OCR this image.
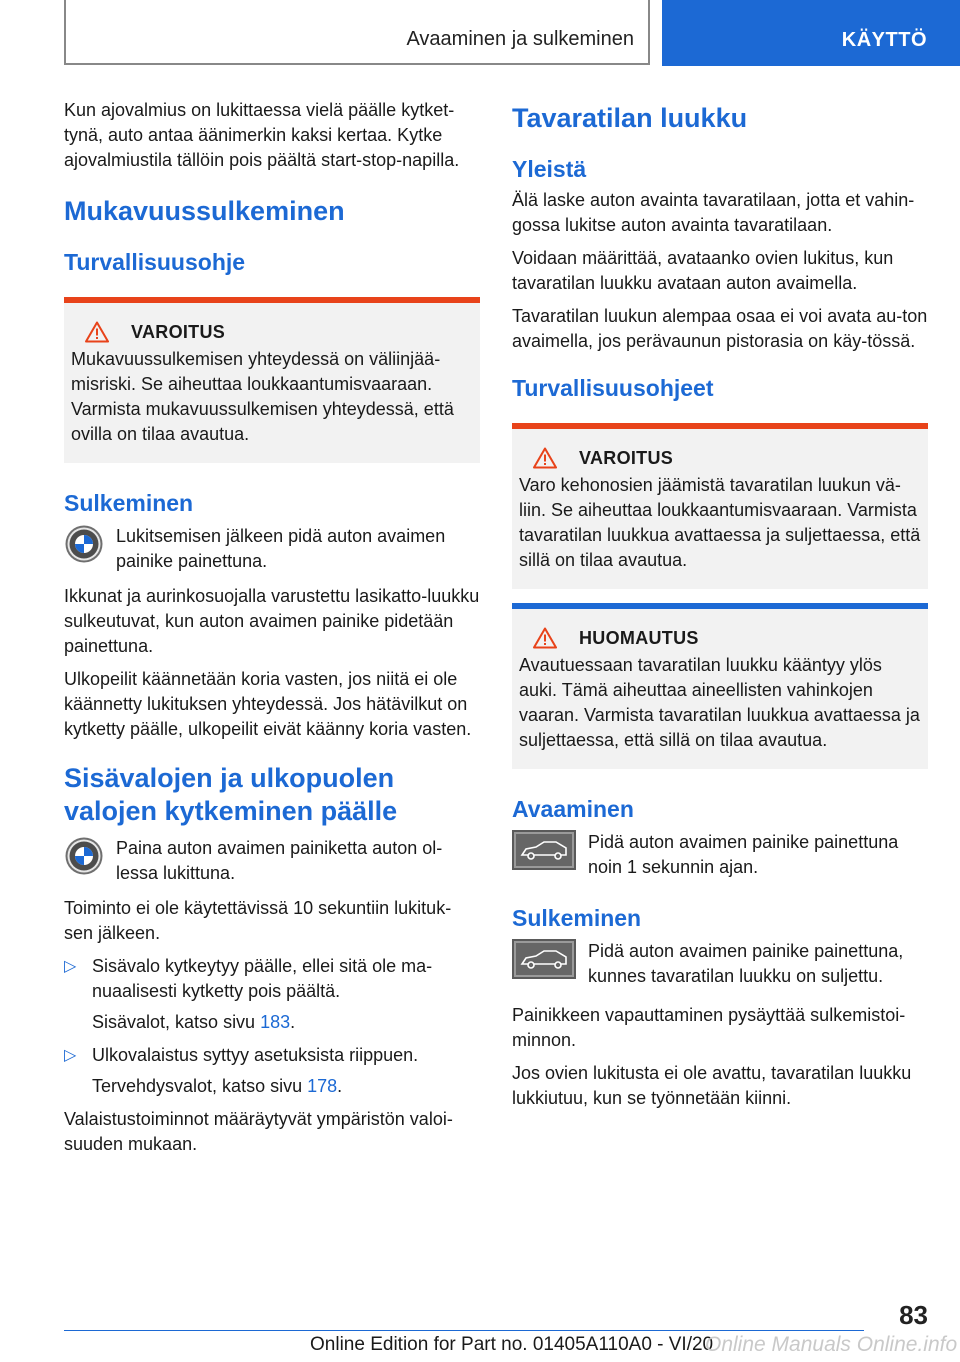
Avaaminen ja sulkeminen	KÄYTTÖ

Kun ajovalmius on lukittaessa vielä päälle kytket-tynä, auto antaa äänimerkin kaksi kertaa. Kytke ajovalmiustila tällöin pois päältä start-stop-napilla.

Mukavuussulkeminen
Turvallisuusohje
VAROITUS

Mukavuussulkemisen yhteydessä on väliinjää-misriski. Se aiheuttaa loukkaantumisvaaraan. Varmista mukavuussulkemisen yhteydessä, että ovilla on tilaa avautua.

Sulkeminen

Lukitsemisen jälkeen pidä auton avaimen painike painettuna.

Ikkunat ja aurinkosuojalla varustettu lasikatto-luukku sulkeutuvat, kun auton avaimen painike pidetään painettuna.

Ulkopeilit käännetään koria vasten, jos niitä ei ole käännetty lukituksen yhteydessä. Jos hätävilkut on kytketty päälle, ulkopeilit eivät käänny koria vasten.

Sisävalojen ja ulkopuolen valojen kytkeminen päälle

Paina auton avaimen painiketta auton ol-lessa lukittuna.

Toiminto ei ole käytettävissä 10 sekuntiin lukituk-sen jälkeen.

▷ Sisävalo kytkeytyy päälle, ellei sitä ole ma-nuaalisesti kytketty pois päältä.

Sisävalot, katso sivu 183.

▷ Ulkovalaistus syttyy asetuksista riippuen.

Tervehdysvalot, katso sivu 178.

Valaistustoiminnot määräytyvät ympäristön valoi-suuden mukaan.

Tavaratilan luukku
Yleistä

Älä laske auton avainta tavaratilaan, jotta et vahin-gossa lukitse auton avainta tavaratilaan.

Voidaan määrittää, avataanko ovien lukitus, kun tavaratilan luukku avataan auton avaimella.

Tavaratilan luukun alempaa osaa ei voi avata au-ton avaimella, jos perävaunun pistorasia on käy-tössä.

Turvallisuusohjeet
VAROITUS

Varo kehonosien jäämistä tavaratilan luukun vä-liin. Se aiheuttaa loukkaantumisvaaraan. Varmista tavaratilan luukkua avattaessa ja suljettaessa, että sillä on tilaa avautua.

HUOMAUTUS

Avautuessaan tavaratilan luukku kääntyy ylös auki. Tämä aiheuttaa aineellisten vahinkojen vaaran. Varmista tavaratilan luukkua avattaessa ja suljettaessa, että sillä on tilaa avautua.

Avaaminen

Pidä auton avaimen painike painettuna noin 1 sekunnin ajan.

Sulkeminen

Pidä auton avaimen painike painettuna, kunnes tavaratilan luukku on suljettu.

Painikkeen vapauttaminen pysäyttää sulkemistoi-minnon.

Jos ovien lukitusta ei ole avattu, tavaratilan luukku lukkiutuu, kun se työnnetään kiinni.

83
Online Edition for Part no. 01405A110A0 - VI/20
Online Manuals Online.info
